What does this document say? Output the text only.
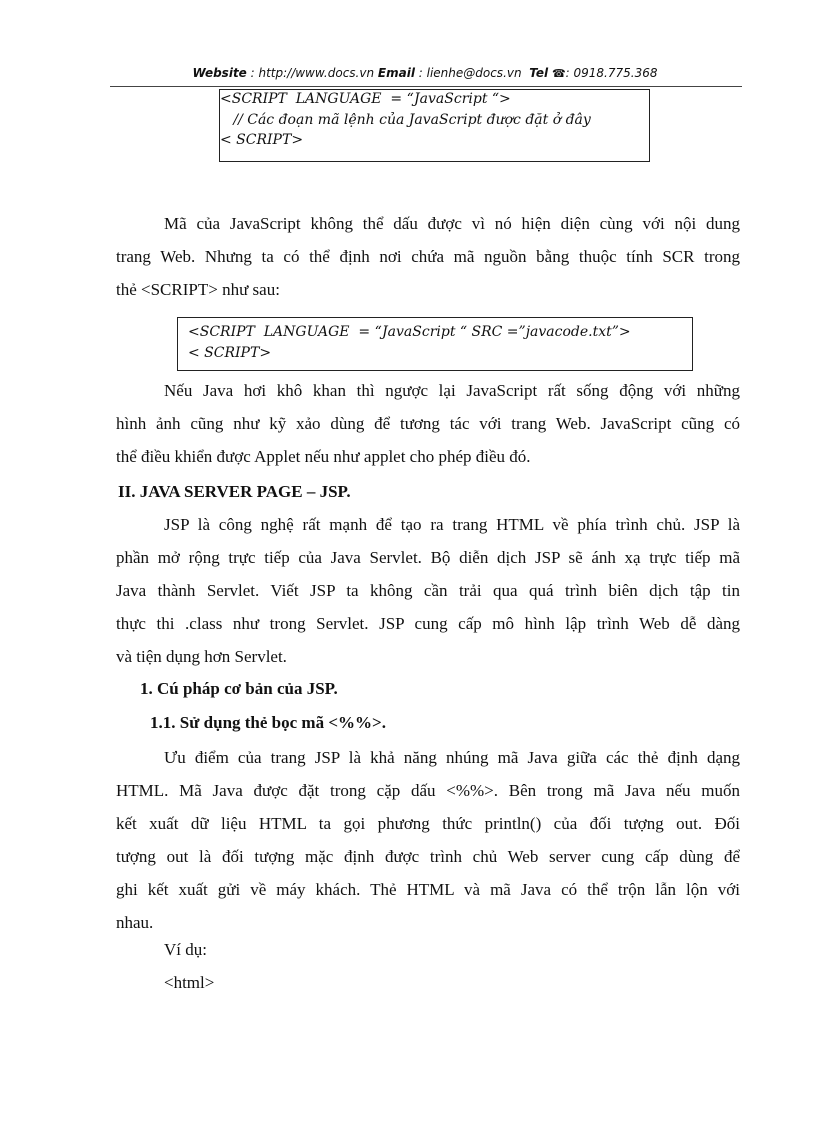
Website : http://www.docs.vn Email : lienhe@docs.vn Tel ☎: 0918.775.368
<SCRIPT  LANGUAGE  = “JavaScript “>
// Các đoạn mã lệnh của JavaScript được đặt ở đây
< SCRIPT>
Mã của JavaScript không thể dấu được vì nó hiện diện cùng với nội dung
trang Web. Nhưng ta có thể định nơi chứa mã nguồn bằng thuộc tính SCR trong
thẻ <SCRIPT> như sau:
<SCRIPT  LANGUAGE  = “JavaScript “ SRC =”javacode.txt”>
< SCRIPT>
Nếu Java hơi khô khan thì ngược lại JavaScript rất sống động với những
hình ảnh cũng như kỹ xảo dùng để tương tác với trang Web. JavaScript cũng có
thể điều khiển được Applet nếu như applet cho phép điều đó.
II. JAVA SERVER PAGE – JSP.
JSP là công nghệ rất mạnh để tạo ra trang HTML về phía trình chủ. JSP là
phần mở rộng trực tiếp của Java Servlet. Bộ diễn dịch JSP sẽ ánh xạ trực tiếp mã
Java thành Servlet. Viết JSP ta không cần trải qua quá trình biên dịch tập tin
thực thi .class như trong Servlet. JSP cung cấp mô hình lập trình Web dễ dàng
và tiện dụng hơn Servlet.
1. Cú pháp cơ bản của JSP.
1.1. Sử dụng thẻ bọc mã <%%>.
Ưu điểm của trang JSP là khả năng nhúng mã Java giữa các thẻ định dạng
HTML. Mã Java được đặt trong cặp dấu <%%>. Bên trong mã Java nếu muốn
kết xuất dữ liệu HTML ta gọi phương thức println() của đối tượng out. Đối
tượng out là đối tượng mặc định được trình chủ Web server cung cấp dùng để
ghi kết xuất gửi về máy khách. Thẻ HTML và mã Java có thể trộn lẫn lộn với
nhau.
Ví dụ:
<html>
